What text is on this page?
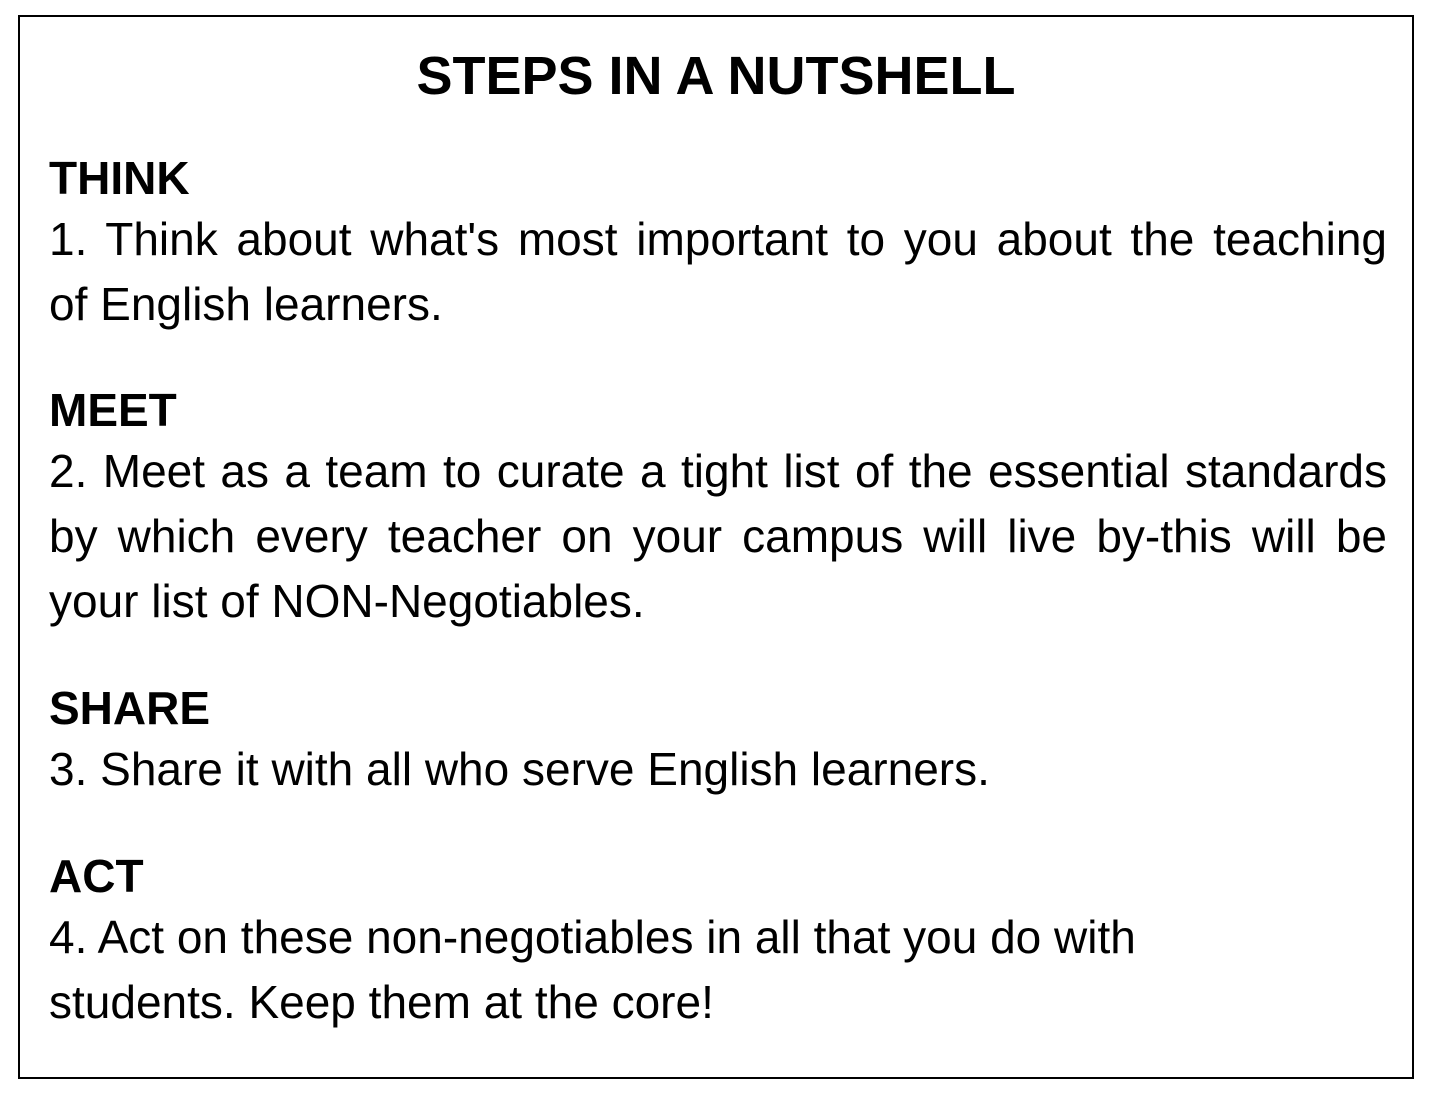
STEPS IN A NUTSHELL

THINK

1. Think about what's most important to you about the teaching

of English learners.

MEET

2. Meet as a team to curate a tight list of the essential standards

by which every teacher on your campus will live by-this will be

your list of NON-Negotiables.

SHARE

3. Share it with all who serve English learners.

ACT

4. Act on these non-negotiables in all that you do with

students. Keep them at the core!
